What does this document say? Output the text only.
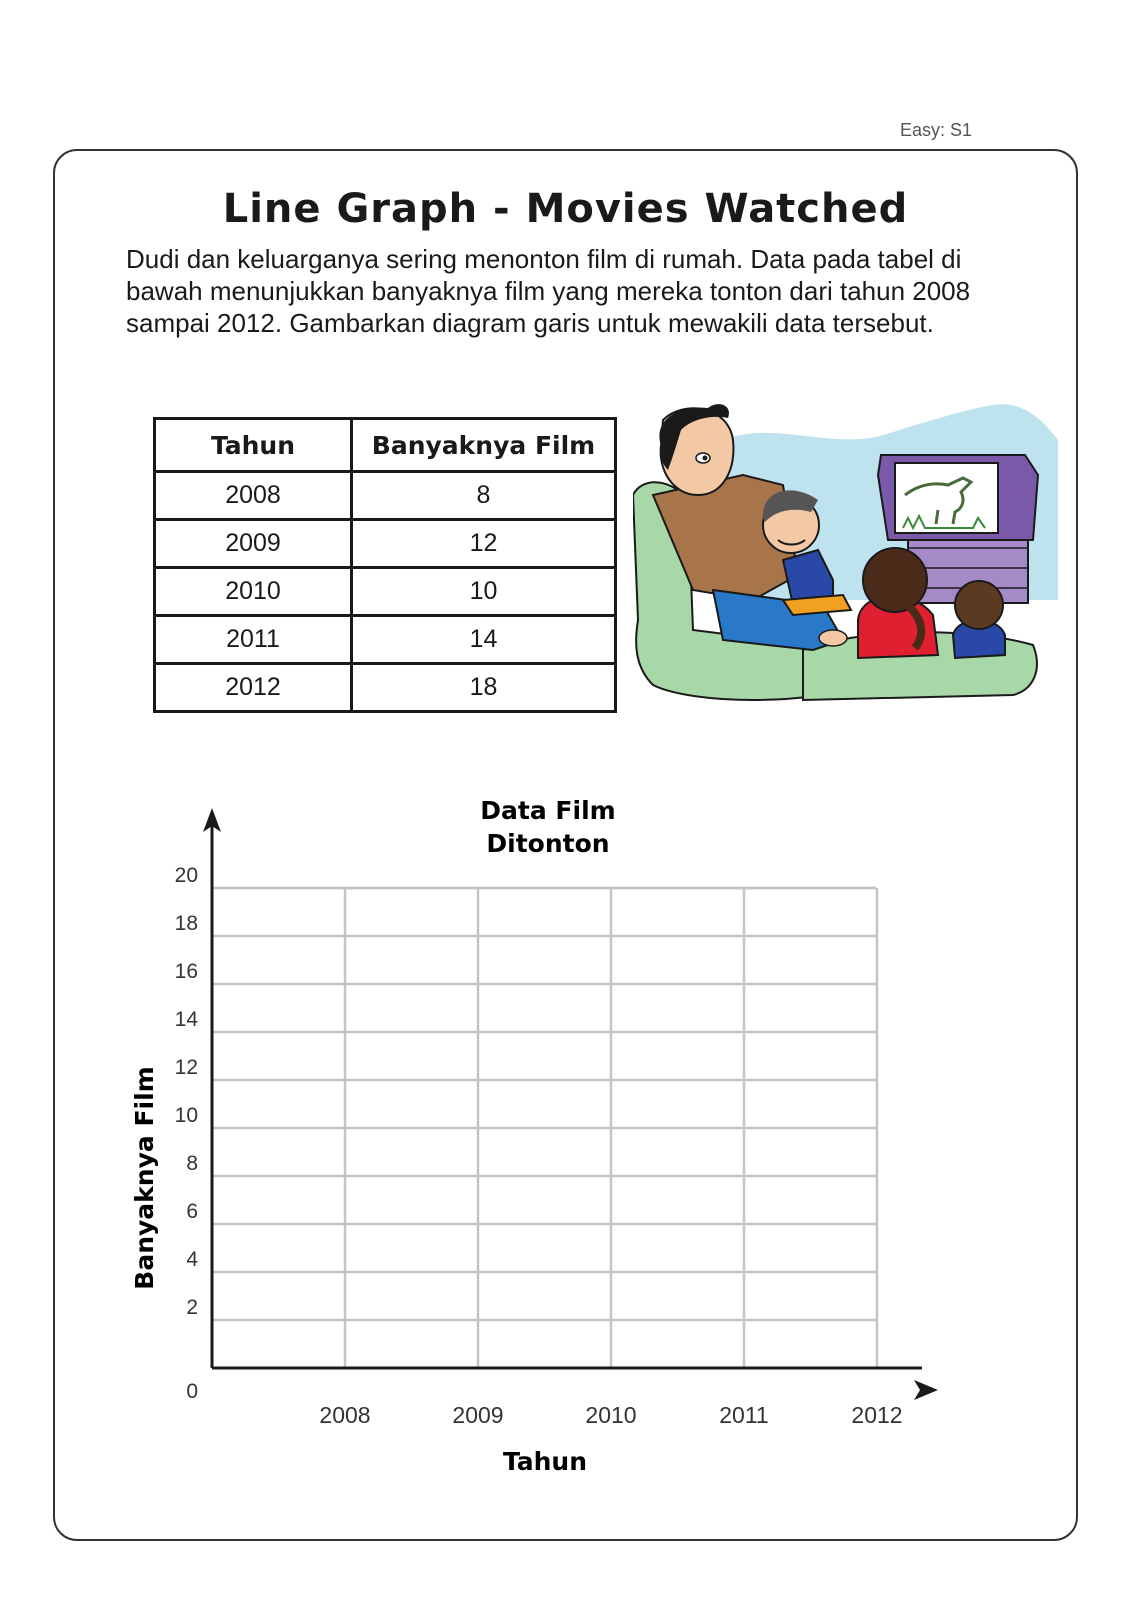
Easy: S1
Line Graph - Movies Watched
Dudi dan keluarganya sering menonton film di rumah. Data pada tabel di bawah menunjukkan banyaknya film yang mereka tonton dari tahun 2008 sampai 2012. Gambarkan diagram garis untuk mewakili data tersebut.
Tahun	Banyaknya Film
2008	8
2009	12
2010	10
2011	14
2012	18
Data Film
Ditonton
0
2
4
6
8
10
12
14
16
18
20
2008	2009	2010	2011	2012
Banyaknya Film
Tahun
